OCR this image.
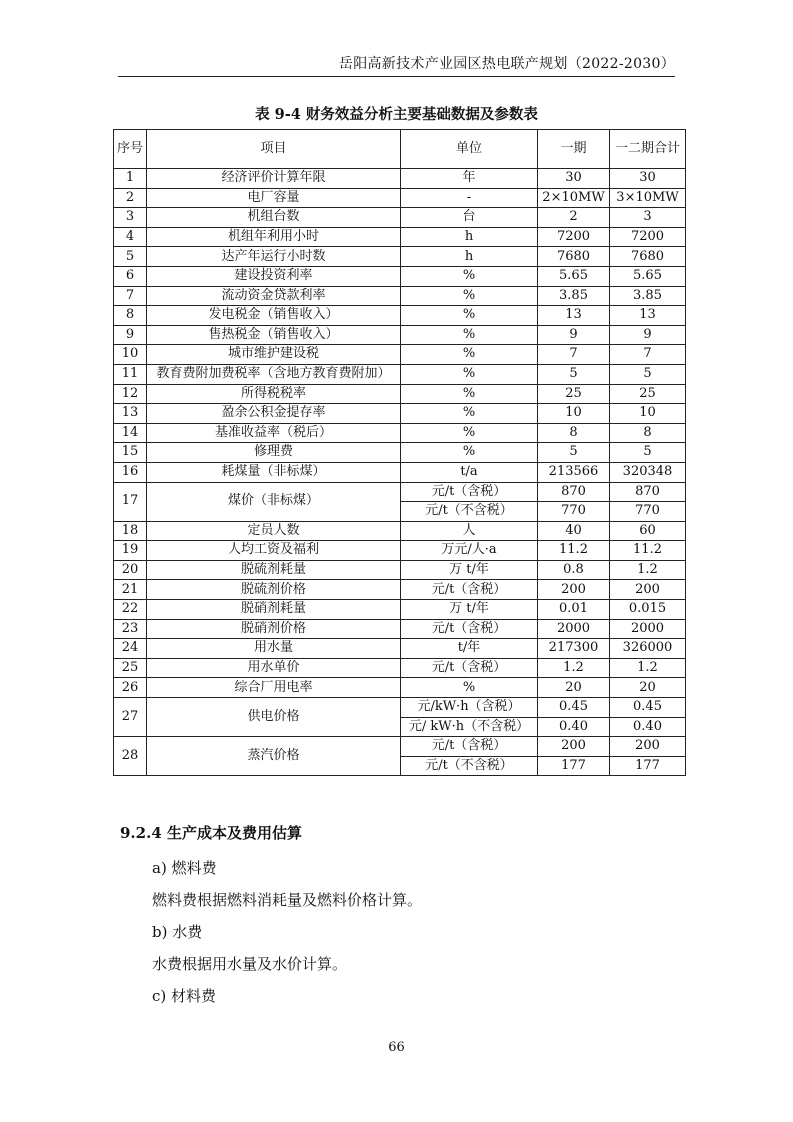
岳阳高新技术产业园区热电联产规划（2022-2030）
表 9-4 财务效益分析主要基础数据及参数表
序号	项目	单位	一期	一二期合计
1	经济评价计算年限	年	30	30
2	电厂容量	-	2×10MW	3×10MW
3	机组台数	台	2	3
4	机组年利用小时	h	7200	7200
5	达产年运行小时数	h	7680	7680
6	建设投资利率	%	5.65	5.65
7	流动资金贷款利率	%	3.85	3.85
8	发电税金（销售收入）	%	13	13
9	售热税金（销售收入）	%	9	9
10	城市维护建设税	%	7	7
11	教育费附加费税率（含地方教育费附加）	%	5	5
12	所得税税率	%	25	25
13	盈余公积金提存率	%	10	10
14	基准收益率（税后）	%	8	8
15	修理费	%	5	5
16	耗煤量（非标煤）	t/a	213566	320348
17	煤价（非标煤）	元/t（含税）	870	870
		元/t（不含税）	770	770
18	定员人数	人	40	60
19	人均工资及福利	万元/人·a	11.2	11.2
20	脱硫剂耗量	万 t/年	0.8	1.2
21	脱硫剂价格	元/t（含税）	200	200
22	脱硝剂耗量	万 t/年	0.01	0.015
23	脱硝剂价格	元/t（含税）	2000	2000
24	用水量	t/年	217300	326000
25	用水单价	元/t（含税）	1.2	1.2
26	综合厂用电率	%	20	20
27	供电价格	元/kW·h（含税）	0.45	0.45
		元/ kW·h（不含税）	0.40	0.40
28	蒸汽价格	元/t（含税）	200	200
		元/t（不含税）	177	177
9.2.4 生产成本及费用估算
a) 燃料费
燃料费根据燃料消耗量及燃料价格计算。
b) 水费
水费根据用水量及水价计算。
c) 材料费
66
